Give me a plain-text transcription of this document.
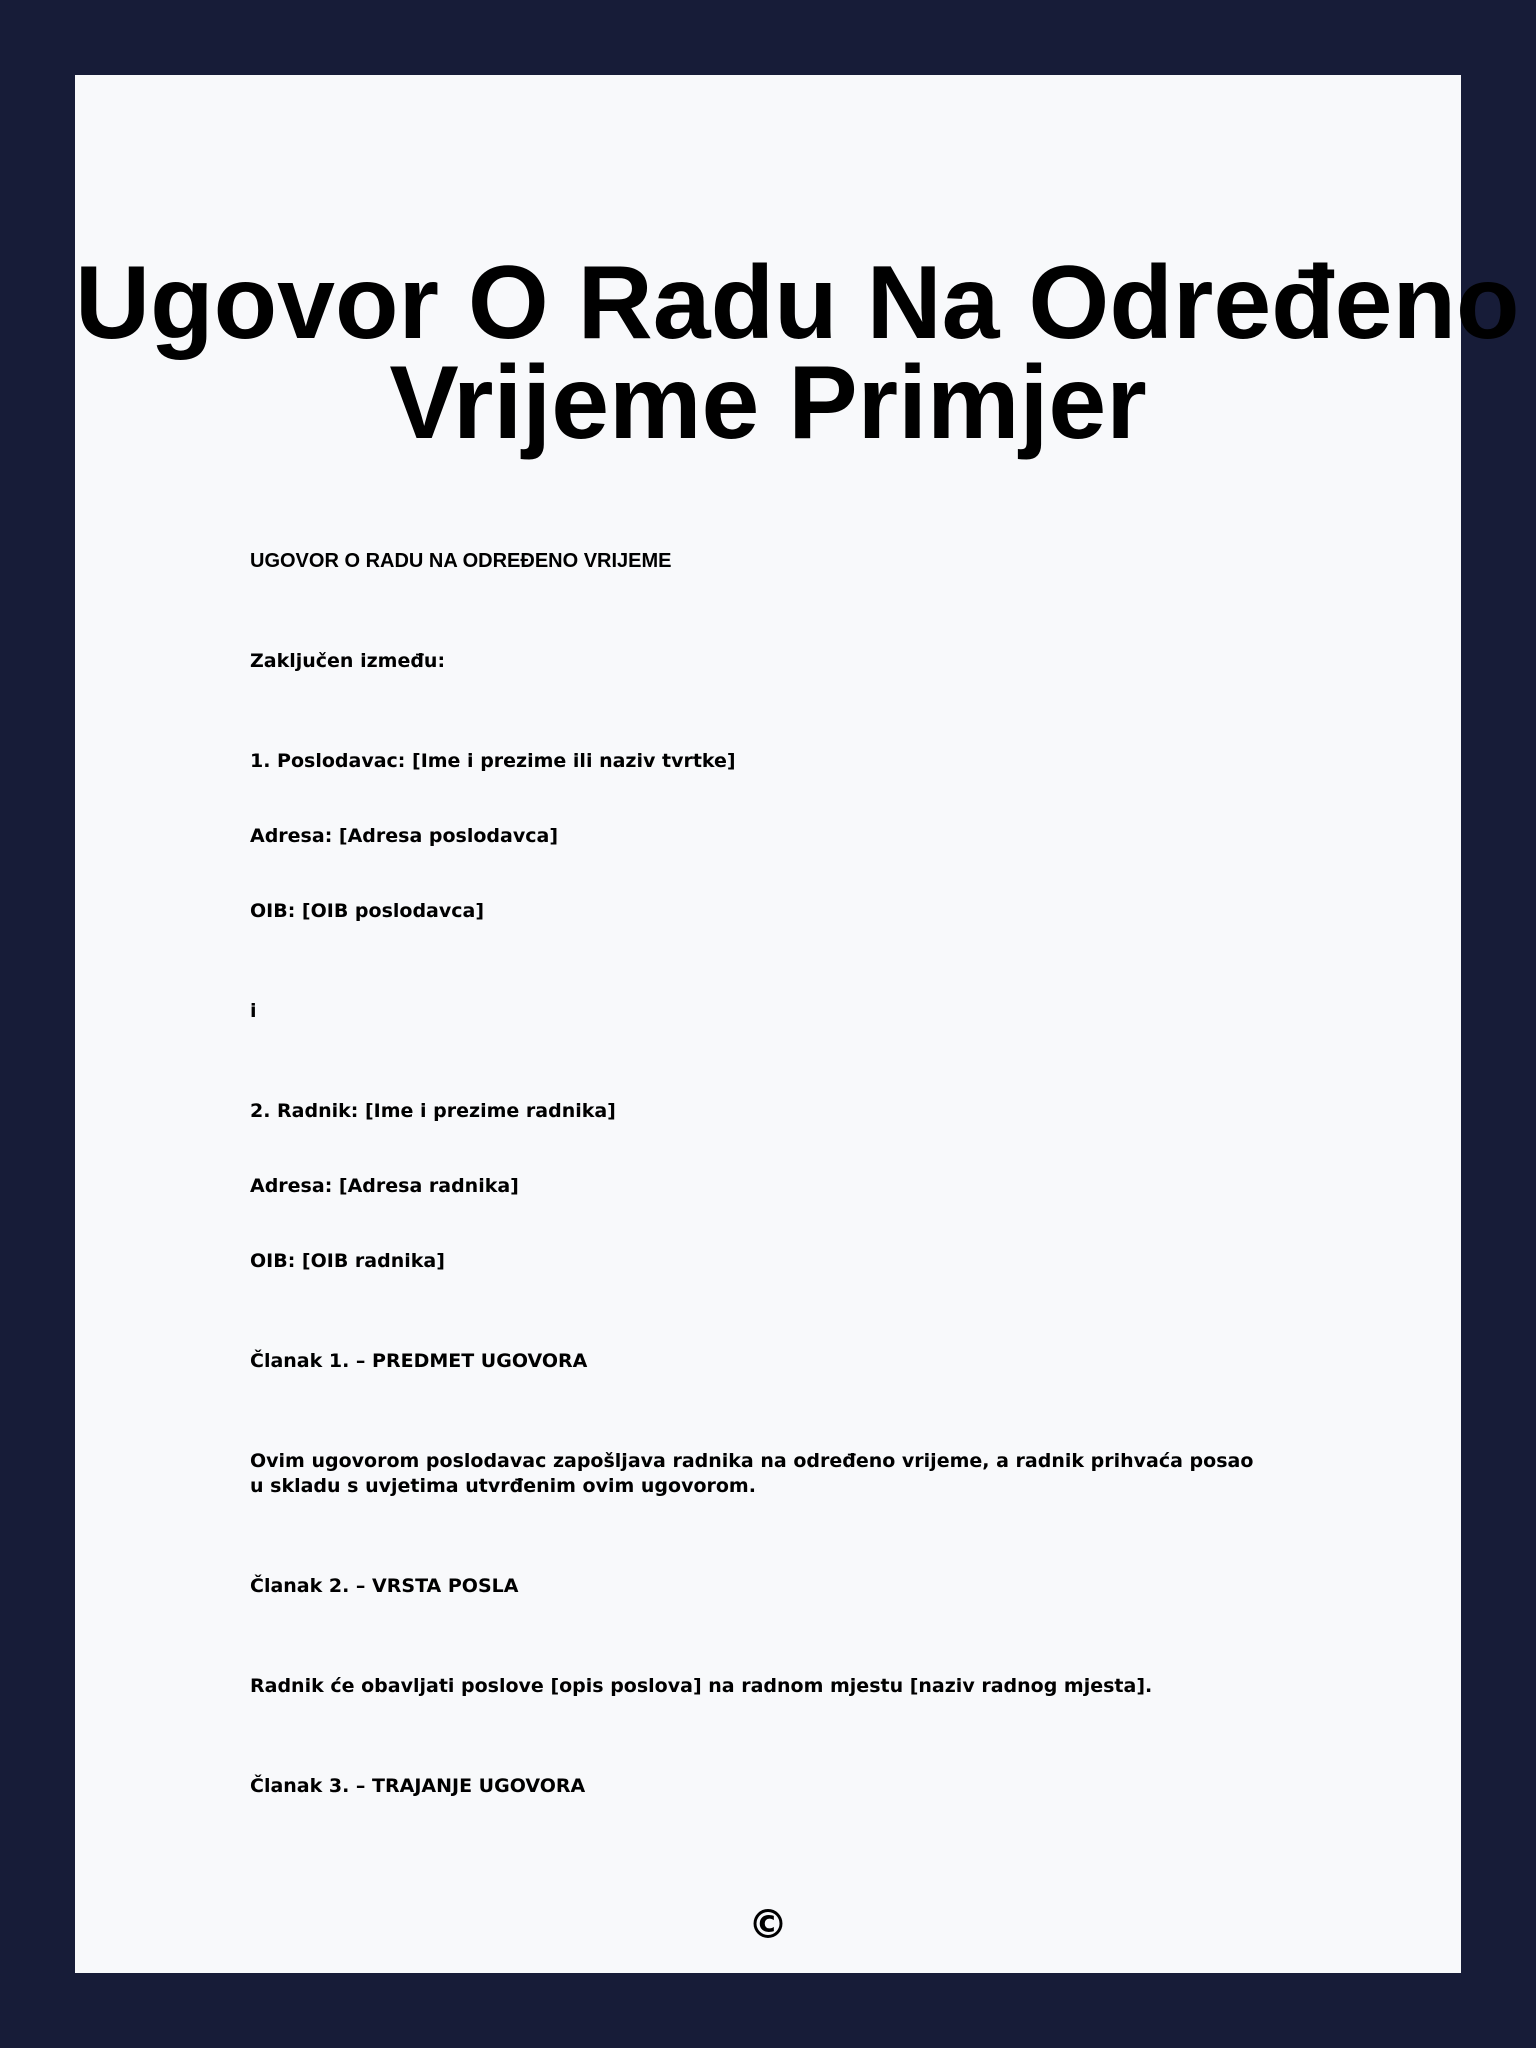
Ugovor O Radu Na Određeno
Vrijeme Primjer

UGOVOR O RADU NA ODREĐENO VRIJEME

Zaključen između:

1. Poslodavac: [Ime i prezime ili naziv tvrtke]

Adresa: [Adresa poslodavca]

OIB: [OIB poslodavca]

i

2. Radnik: [Ime i prezime radnika]

Adresa: [Adresa radnika]

OIB: [OIB radnika]

Članak 1. – PREDMET UGOVORA

Ovim ugovorom poslodavac zapošljava radnika na određeno vrijeme, a radnik prihvaća posao u skladu s uvjetima utvrđenim ovim ugovorom.

Članak 2. – VRSTA POSLA

Radnik će obavljati poslove [opis poslova] na radnom mjestu [naziv radnog mjesta].

Članak 3. – TRAJANJE UGOVORA

©
